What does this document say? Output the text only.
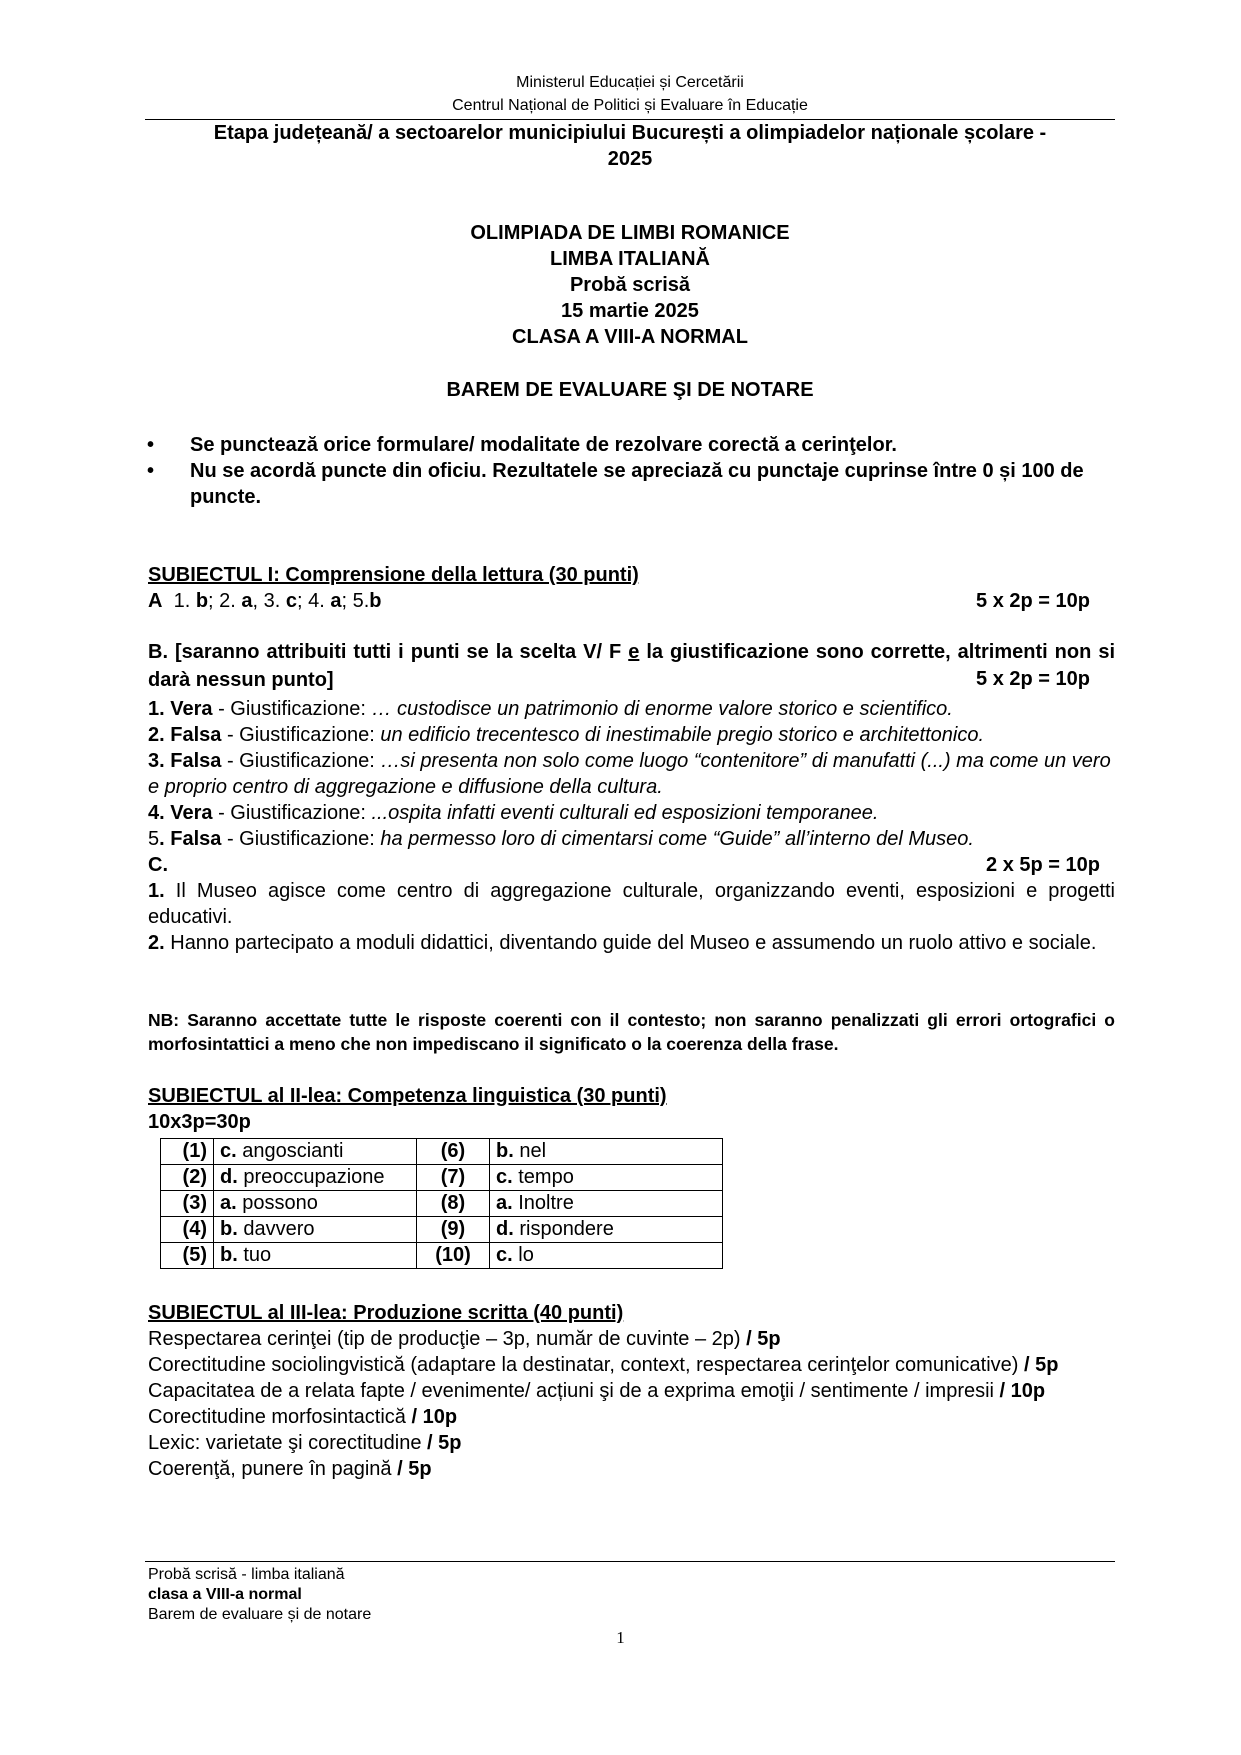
Ministerul Educației și Cercetării
Centrul Național de Politici și Evaluare în Educație
Etapa județeană/ a sectoarelor municipiului București a olimpiadelor naționale școlare -
2025
OLIMPIADA DE LIMBI ROMANICE
LIMBA ITALIANĂ
Probă scrisă
15 martie 2025
CLASA A VIII-A NORMAL
BAREM DE EVALUARE ŞI DE NOTARE
• Se punctează orice formulare/ modalitate de rezolvare corectă a cerinţelor.
• Nu se acordă puncte din oficiu. Rezultatele se apreciază cu punctaje cuprinse între 0 și 100 de puncte.
SUBIECTUL I: Comprensione della lettura (30 punti)
A 1. b; 2. a, 3. c; 4. a; 5.b	5 x 2p = 10p
B. [saranno attribuiti tutti i punti se la scelta V/ F e la giustificazione sono corrette, altrimenti non si darà nessun punto]	5 x 2p = 10p
1. Vera - Giustificazione: … custodisce un patrimonio di enorme valore storico e scientifico.
2. Falsa - Giustificazione: un edificio trecentesco di inestimabile pregio storico e architettonico.
3. Falsa - Giustificazione: …si presenta non solo come luogo “contenitore” di manufatti (...) ma come un vero e proprio centro di aggregazione e diffusione della cultura.
4. Vera - Giustificazione: ...ospita infatti eventi culturali ed esposizioni temporanee.
5. Falsa - Giustificazione: ha permesso loro di cimentarsi come “Guide” all’interno del Museo.
C.	2 x 5p = 10p
1. Il Museo agisce come centro di aggregazione culturale, organizzando eventi, esposizioni e progetti educativi.
2. Hanno partecipato a moduli didattici, diventando guide del Museo e assumendo un ruolo attivo e sociale.
NB: Saranno accettate tutte le risposte coerenti con il contesto; non saranno penalizzati gli errori ortografici o morfosintattici a meno che non impediscano il significato o la coerenza della frase.
SUBIECTUL al II-lea: Competenza linguistica (30 punti)
10x3p=30p
(1)	c. angoscianti	(6)	b. nel
(2)	d. preoccupazione	(7)	c. tempo
(3)	a. possono	(8)	a. Inoltre
(4)	b. davvero	(9)	d. rispondere
(5)	b. tuo	(10)	c. lo
SUBIECTUL al III-lea: Produzione scritta (40 punti)
Respectarea cerinţei (tip de producţie – 3p, număr de cuvinte – 2p) / 5p
Corectitudine sociolingvistică (adaptare la destinatar, context, respectarea cerinţelor comunicative) / 5p
Capacitatea de a relata fapte / evenimente/ acțiuni şi de a exprima emoţii / sentimente / impresii / 10p
Corectitudine morfosintactică / 10p
Lexic: varietate şi corectitudine / 5p
Coerenţă, punere în pagină / 5p
Probă scrisă - limba italiană
clasa a VIII-a normal
Barem de evaluare și de notare
1
